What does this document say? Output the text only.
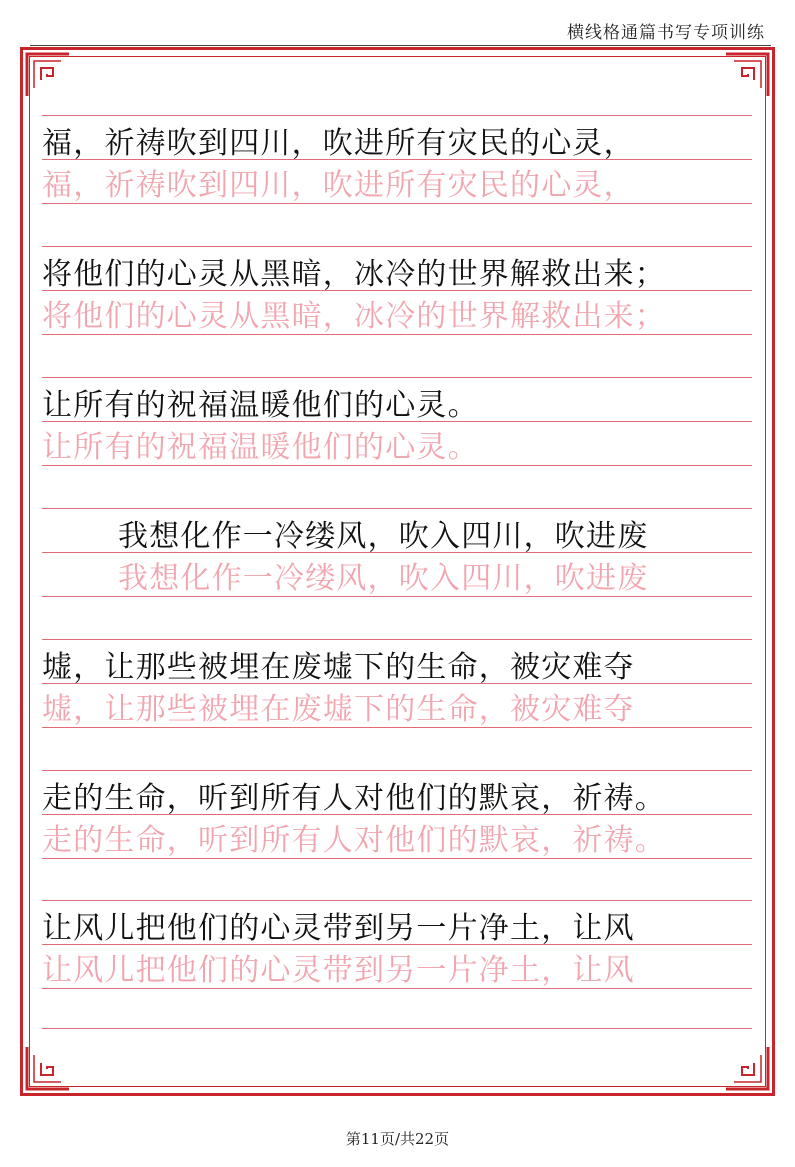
横线格通篇书写专项训练
福，祈祷吹到四川，吹进所有灾民的心灵，
福，祈祷吹到四川，吹进所有灾民的心灵，
将他们的心灵从黑暗，冰冷的世界解救出来；
将他们的心灵从黑暗，冰冷的世界解救出来；
让所有的祝福温暖他们的心灵。
让所有的祝福温暖他们的心灵。
我想化作一冷缕风，吹入四川，吹进废
我想化作一冷缕风，吹入四川，吹进废
墟，让那些被埋在废墟下的生命，被灾难夺
墟，让那些被埋在废墟下的生命，被灾难夺
走的生命，听到所有人对他们的默哀，祈祷。
走的生命，听到所有人对他们的默哀，祈祷。
让风儿把他们的心灵带到另一片净土，让风
让风儿把他们的心灵带到另一片净土，让风
第11页/共22页
